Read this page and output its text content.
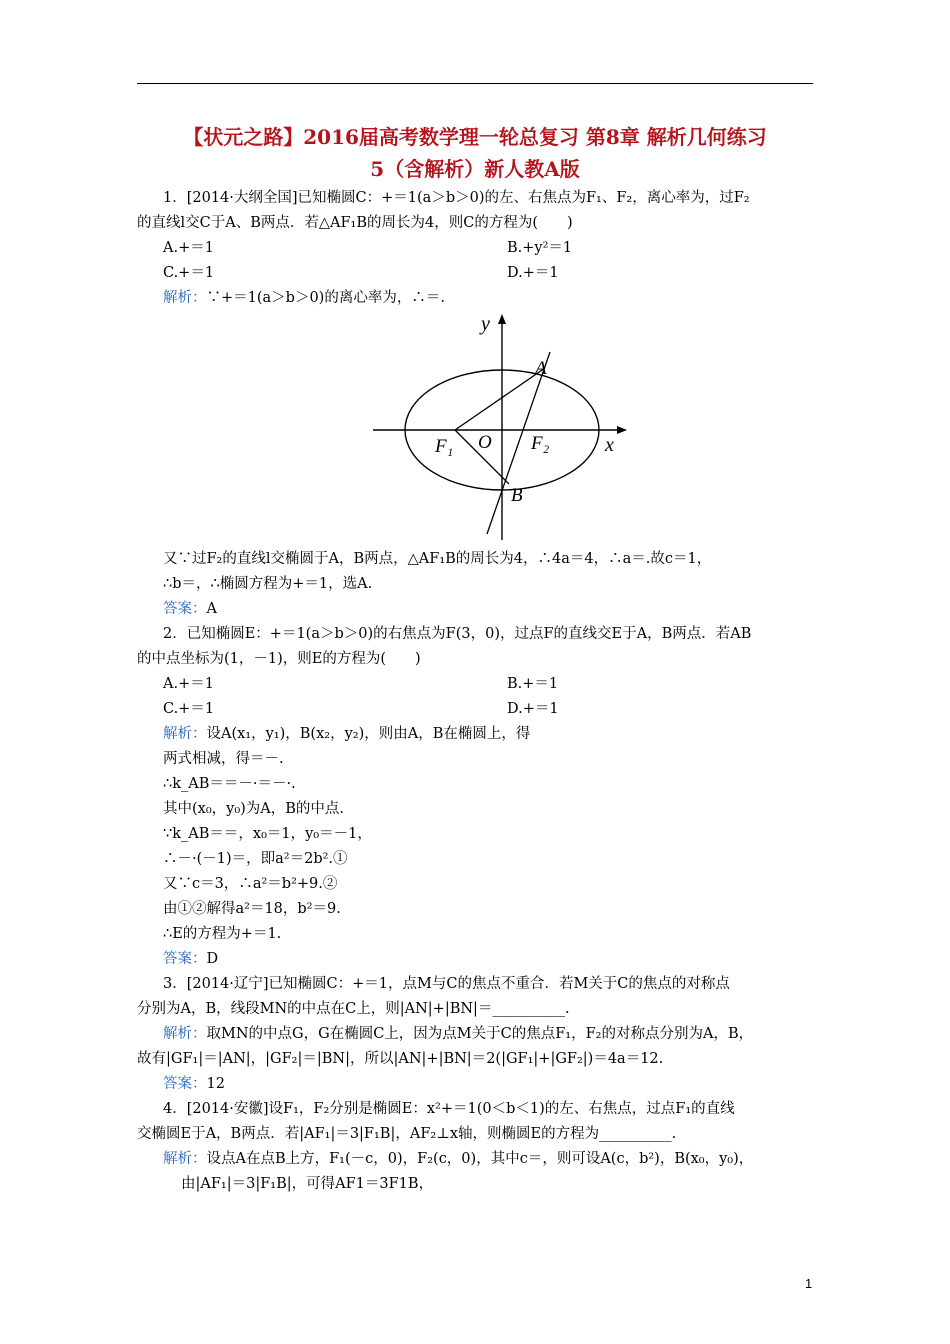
【状元之路】2016届高考数学理一轮总复习 第8章 解析几何练习
5（含解析）新人教A版
1．[2014·大纲全国]已知椭圆C：+＝1(a＞b＞0)的左、右焦点为F₁、F₂，离心率为，过F₂
的直线l交C于A、B两点．若△AF₁B的周长为4，则C的方程为(　　)
A.+＝1	B.+y²＝1
C.+＝1	D.+＝1
解析：∵+＝1(a＞b＞0)的离心率为，∴＝.
y
A
F₁ O F₂	x
B
又∵过F₂的直线l交椭圆于A，B两点，△AF₁B的周长为4，∴4a＝4，∴a＝.故c＝1，
∴b＝，∴椭圆方程为+＝1，选A.
答案：A
2．已知椭圆E：+＝1(a＞b＞0)的右焦点为F(3，0)，过点F的直线交E于A，B两点．若AB
的中点坐标为(1，－1)，则E的方程为(　　)
A.+＝1	B.+＝1
C.+＝1	D.+＝1
解析：设A(x₁，y₁)，B(x₂，y₂)，则由A，B在椭圆上，得
两式相减，得＝－.
∴k_AB＝＝－·＝－·.
其中(x₀，y₀)为A，B的中点.
∵k_AB＝＝，x₀＝1，y₀＝－1，
∴－·(－1)＝，即a²＝2b².①
又∵c＝3，∴a²＝b²+9.②
由①②解得a²＝18，b²＝9.
∴E的方程为+＝1.
答案：D
3．[2014·辽宁]已知椭圆C：+＝1，点M与C的焦点不重合．若M关于C的焦点的对称点
分别为A，B，线段MN的中点在C上，则|AN|+|BN|＝__________.
解析：取MN的中点G，G在椭圆C上，因为点M关于C的焦点F₁，F₂的对称点分别为A，B，
故有|GF₁|＝|AN|，|GF₂|＝|BN|，所以|AN|+|BN|＝2(|GF₁|+|GF₂|)＝4a＝12.
答案：12
4．[2014·安徽]设F₁，F₂分别是椭圆E：x²+＝1(0＜b＜1)的左、右焦点，过点F₁的直线
交椭圆E于A，B两点．若|AF₁|＝3|F₁B|，AF₂⊥x轴，则椭圆E的方程为__________.
解析：设点A在点B上方，F₁(－c，0)，F₂(c，0)，其中c＝，则可设A(c，b²)，B(x₀，y₀)，
由|AF₁|＝3|F₁B|，可得AF1＝3F1B，
1
